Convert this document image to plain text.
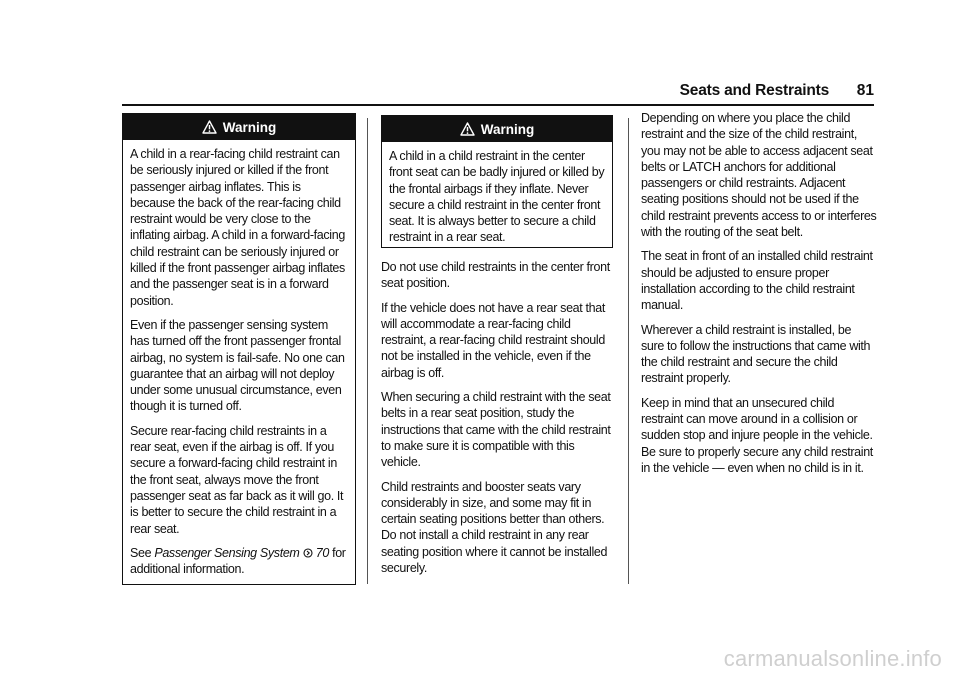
Seats and Restraints 81
Warning

A child in a rear-facing child restraint can be seriously injured or killed if the front passenger airbag inflates. This is because the back of the rear-facing child restraint would be very close to the inflating airbag. A child in a forward-facing child restraint can be seriously injured or killed if the front passenger airbag inflates and the passenger seat is in a forward position.

Even if the passenger sensing system has turned off the front passenger frontal airbag, no system is fail-safe. No one can guarantee that an airbag will not deploy under some unusual circumstance, even though it is turned off.

Secure rear-facing child restraints in a rear seat, even if the airbag is off. If you secure a forward-facing child restraint in the front seat, always move the front passenger seat as far back as it will go. It is better to secure the child restraint in a rear seat.

See Passenger Sensing System 70 for additional information.

Warning

A child in a child restraint in the center front seat can be badly injured or killed by the frontal airbags if they inflate. Never secure a child restraint in the center front seat. It is always better to secure a child restraint in a rear seat.

Do not use child restraints in the center front seat position.

If the vehicle does not have a rear seat that will accommodate a rear-facing child restraint, a rear-facing child restraint should not be installed in the vehicle, even if the airbag is off.

When securing a child restraint with the seat belts in a rear seat position, study the instructions that came with the child restraint to make sure it is compatible with this vehicle.

Child restraints and booster seats vary considerably in size, and some may fit in certain seating positions better than others. Do not install a child restraint in any rear seating position where it cannot be installed securely.

Depending on where you place the child restraint and the size of the child restraint, you may not be able to access adjacent seat belts or LATCH anchors for additional passengers or child restraints. Adjacent seating positions should not be used if the child restraint prevents access to or interferes with the routing of the seat belt.

The seat in front of an installed child restraint should be adjusted to ensure proper installation according to the child restraint manual.

Wherever a child restraint is installed, be sure to follow the instructions that came with the child restraint and secure the child restraint properly.

Keep in mind that an unsecured child restraint can move around in a collision or sudden stop and injure people in the vehicle. Be sure to properly secure any child restraint in the vehicle — even when no child is in it.

carmanualsonline.info
